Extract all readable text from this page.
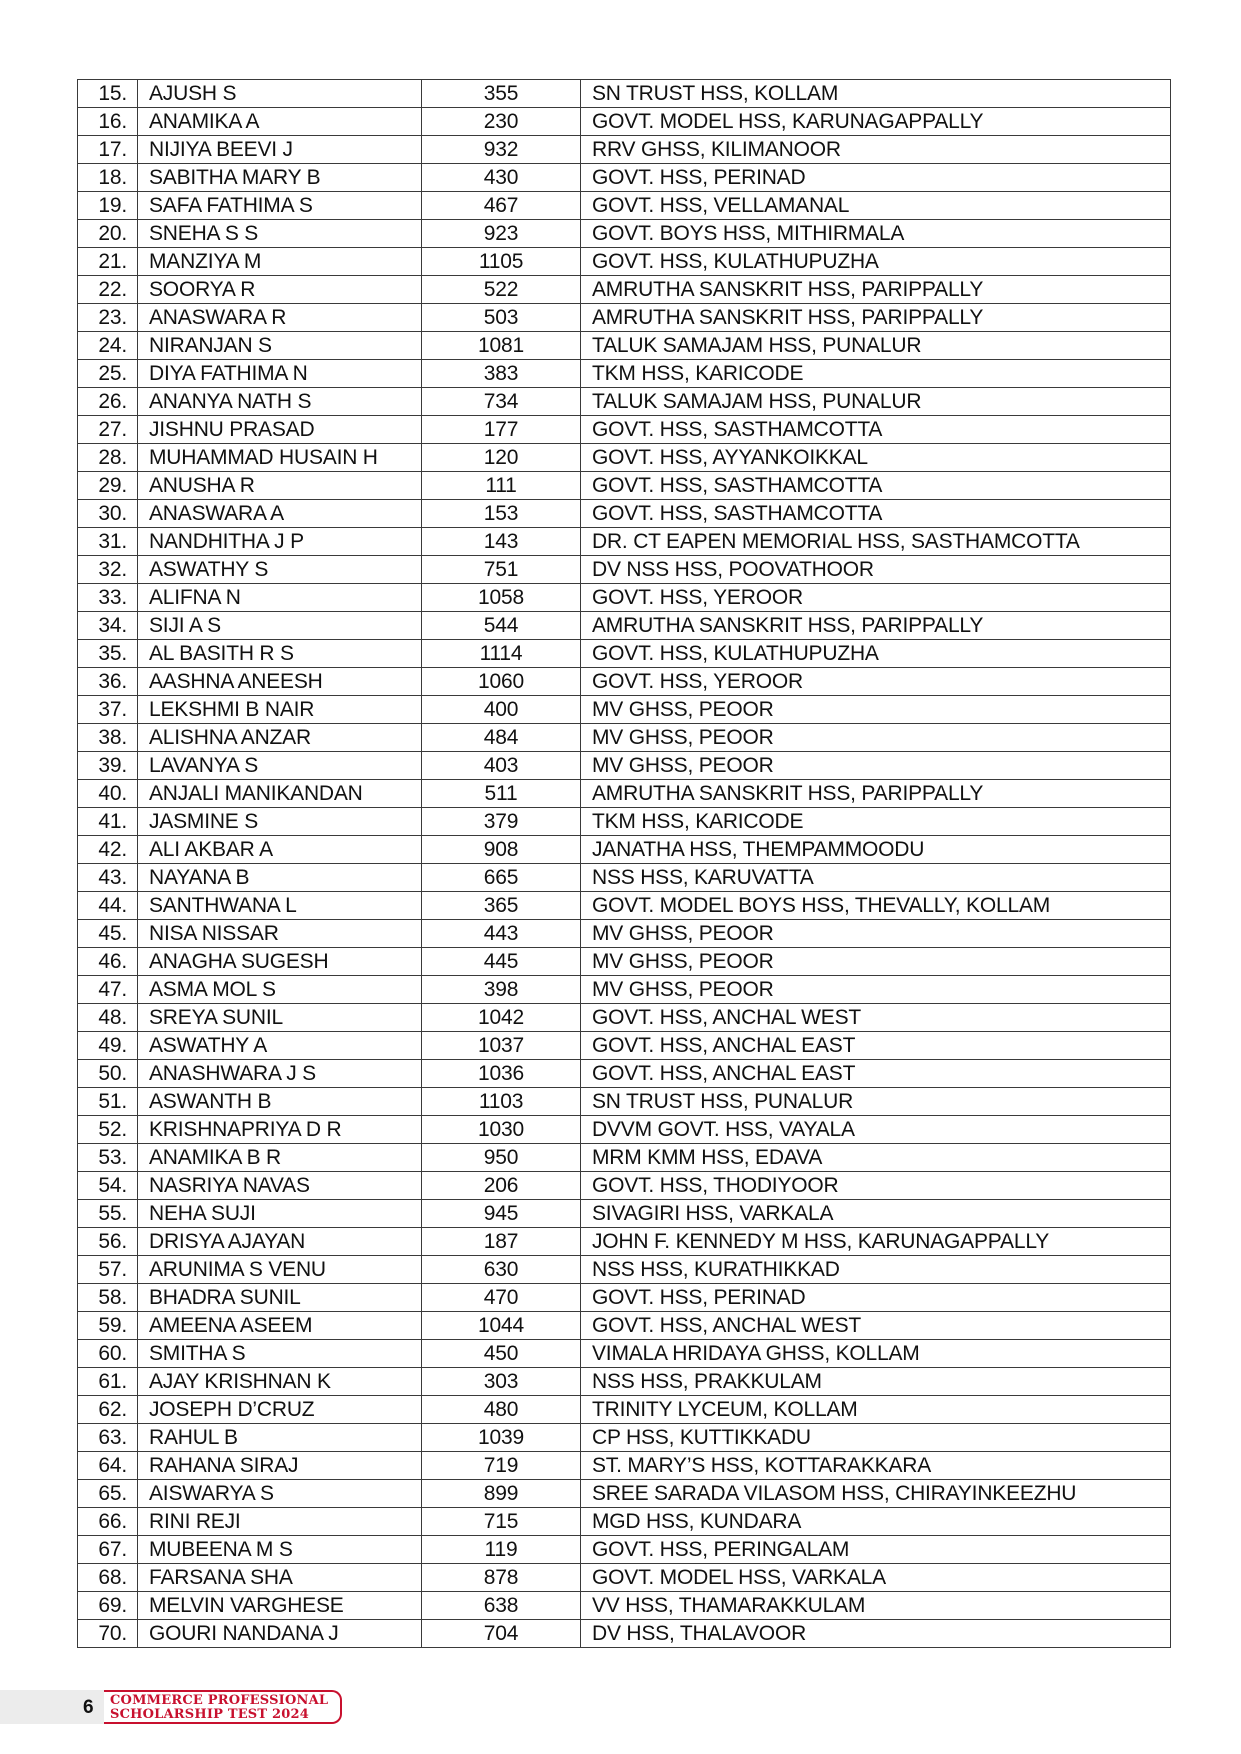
15.	AJUSH S	355	SN TRUST HSS, KOLLAM
16.	ANAMIKA A	230	GOVT. MODEL HSS, KARUNAGAPPALLY
17.	NIJIYA BEEVI J	932	RRV GHSS, KILIMANOOR
18.	SABITHA MARY B	430	GOVT. HSS, PERINAD
19.	SAFA FATHIMA S	467	GOVT. HSS, VELLAMANAL
20.	SNEHA S S	923	GOVT. BOYS HSS, MITHIRMALA
21.	MANZIYA M	1105	GOVT. HSS, KULATHUPUZHA
22.	SOORYA R	522	AMRUTHA SANSKRIT HSS, PARIPPALLY
23.	ANASWARA R	503	AMRUTHA SANSKRIT HSS, PARIPPALLY
24.	NIRANJAN S	1081	TALUK SAMAJAM HSS, PUNALUR
25.	DIYA FATHIMA N	383	TKM HSS, KARICODE
26.	ANANYA NATH S	734	TALUK SAMAJAM HSS, PUNALUR
27.	JISHNU PRASAD	177	GOVT. HSS, SASTHAMCOTTA
28.	MUHAMMAD HUSAIN H	120	GOVT. HSS, AYYANKOIKKAL
29.	ANUSHA R	111	GOVT. HSS, SASTHAMCOTTA
30.	ANASWARA A	153	GOVT. HSS, SASTHAMCOTTA
31.	NANDHITHA J P	143	DR. CT EAPEN MEMORIAL HSS, SASTHAMCOTTA
32.	ASWATHY S	751	DV NSS HSS, POOVATHOOR
33.	ALIFNA N	1058	GOVT. HSS, YEROOR
34.	SIJI A S	544	AMRUTHA SANSKRIT HSS, PARIPPALLY
35.	AL BASITH R S	1114	GOVT. HSS, KULATHUPUZHA
36.	AASHNA ANEESH	1060	GOVT. HSS, YEROOR
37.	LEKSHMI B NAIR	400	MV GHSS, PEOOR
38.	ALISHNA ANZAR	484	MV GHSS, PEOOR
39.	LAVANYA S	403	MV GHSS, PEOOR
40.	ANJALI MANIKANDAN	511	AMRUTHA SANSKRIT HSS, PARIPPALLY
41.	JASMINE S	379	TKM HSS, KARICODE
42.	ALI AKBAR A	908	JANATHA HSS, THEMPAMMOODU
43.	NAYANA B	665	NSS HSS, KARUVATTA
44.	SANTHWANA L	365	GOVT. MODEL BOYS HSS, THEVALLY, KOLLAM
45.	NISA NISSAR	443	MV GHSS, PEOOR
46.	ANAGHA SUGESH	445	MV GHSS, PEOOR
47.	ASMA MOL S	398	MV GHSS, PEOOR
48.	SREYA SUNIL	1042	GOVT. HSS, ANCHAL WEST
49.	ASWATHY A	1037	GOVT. HSS, ANCHAL EAST
50.	ANASHWARA J S	1036	GOVT. HSS, ANCHAL EAST
51.	ASWANTH B	1103	SN TRUST HSS, PUNALUR
52.	KRISHNAPRIYA D R	1030	DVVM GOVT. HSS, VAYALA
53.	ANAMIKA B R	950	MRM KMM HSS, EDAVA
54.	NASRIYA NAVAS	206	GOVT. HSS, THODIYOOR
55.	NEHA SUJI	945	SIVAGIRI HSS, VARKALA
56.	DRISYA AJAYAN	187	JOHN F. KENNEDY M HSS, KARUNAGAPPALLY
57.	ARUNIMA S VENU	630	NSS HSS, KURATHIKKAD
58.	BHADRA SUNIL	470	GOVT. HSS, PERINAD
59.	AMEENA ASEEM	1044	GOVT. HSS, ANCHAL WEST
60.	SMITHA S	450	VIMALA HRIDAYA GHSS, KOLLAM
61.	AJAY KRISHNAN K	303	NSS HSS, PRAKKULAM
62.	JOSEPH D’CRUZ	480	TRINITY LYCEUM, KOLLAM
63.	RAHUL B	1039	CP HSS, KUTTIKKADU
64.	RAHANA SIRAJ	719	ST. MARY’S HSS, KOTTARAKKARA
65.	AISWARYA S	899	SREE SARADA VILASOM HSS, CHIRAYINKEEZHU
66.	RINI REJI	715	MGD HSS, KUNDARA
67.	MUBEENA M S	119	GOVT. HSS, PERINGALAM
68.	FARSANA SHA	878	GOVT. MODEL HSS, VARKALA
69.	MELVIN VARGHESE	638	VV HSS, THAMARAKKULAM
70.	GOURI NANDANA J	704	DV HSS, THALAVOOR
6 COMMERCE PROFESSIONAL
SCHOLARSHIP TEST 2024
